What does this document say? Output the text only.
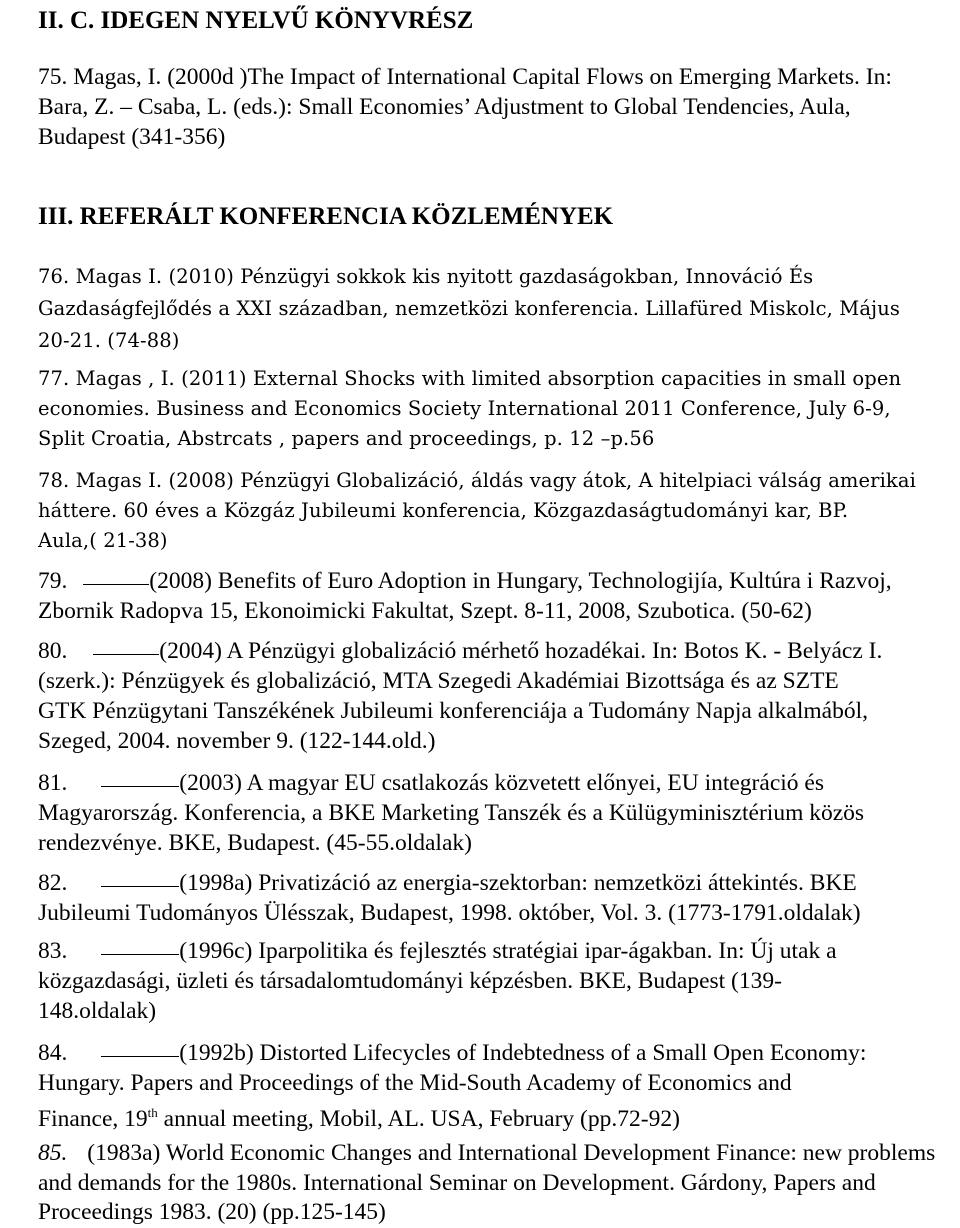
II. C. IDEGEN NYELVŰ KÖNYVRÉSZ
75. Magas, I. (2000d )The Impact of International Capital Flows on Emerging Markets. In:
Bara, Z. – Csaba, L. (eds.): Small Economies’ Adjustment to Global Tendencies, Aula,
Budapest (341-356)
III. REFERÁLT KONFERENCIA KÖZLEMÉNYEK
76. Magas I. (2010) Pénzügyi sokkok kis nyitott gazdaságokban, Innováció És
Gazdaságfejlődés a XXI században, nemzetközi konferencia. Lillafüred Miskolc, Május
20-21. (74-88)
77. Magas , I. (2011) External Shocks with limited absorption capacities in small open
economies. Business and Economics Society International 2011 Conference, July 6-9,
Split Croatia, Abstrcats , papers and proceedings, p. 12 –p.56
78. Magas I. (2008) Pénzügyi Globalizáció, áldás vagy átok, A hitelpiaci válság amerikai
háttere. 60 éves a Közgáz Jubileumi konferencia, Közgazdaságtudományi kar, BP.
Aula,( 21-38)
79.	(2008) Benefits of Euro Adoption in Hungary, Technologijía, Kultúra i Razvoj,
Zbornik Radopva 15, Ekonoimicki Fakultat, Szept. 8-11, 2008, Szubotica. (50-62)
80.	(2004) A Pénzügyi globalizáció mérhető hozadékai. In: Botos K. - Belyácz I.
(szerk.): Pénzügyek és globalizáció, MTA Szegedi Akadémiai Bizottsága és az SZTE
GTK Pénzügytani Tanszékének Jubileumi konferenciája a Tudomány Napja alkalmából,
Szeged, 2004. november 9. (122-144.old.)
81.	(2003) A magyar EU csatlakozás közvetett előnyei, EU integráció és
Magyarország. Konferencia, a BKE Marketing Tanszék és a Külügyminisztérium közös
rendezvénye. BKE, Budapest. (45-55.oldalak)
82.	(1998a) Privatizáció az energia-szektorban: nemzetközi áttekintés. BKE
Jubileumi Tudományos Ülésszak, Budapest, 1998. október, Vol. 3. (1773-1791.oldalak)
83.	(1996c) Iparpolitika és fejlesztés stratégiai ipar-ágakban. In: Új utak a
közgazdasági, üzleti és társadalomtudományi képzésben. BKE, Budapest (139-
148.oldalak)
84.	(1992b) Distorted Lifecycles of Indebtedness of a Small Open Economy:
Hungary. Papers and Proceedings of the Mid-South Academy of Economics and
Finance, 19th annual meeting, Mobil, AL. USA, February (pp.72-92)
85. (1983a) World Economic Changes and International Development Finance: new problems
and demands for the 1980s. International Seminar on Development. Gárdony, Papers and
Proceedings 1983. (20) (pp.125-145)
